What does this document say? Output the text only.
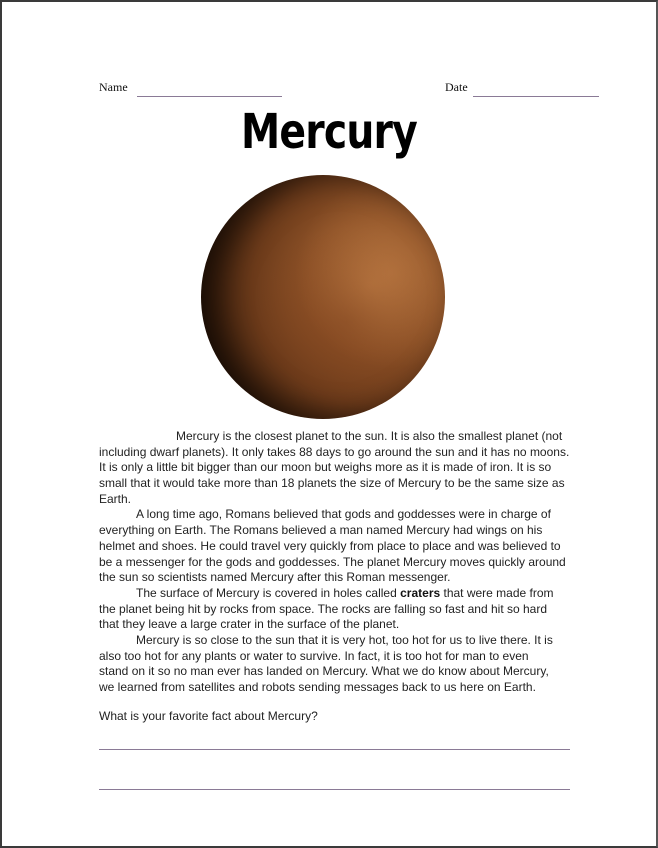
Name	Date
Mercury
Mercury is the closest planet to the sun. It is also the smallest planet (not
including dwarf planets). It only takes 88 days to go around the sun and it has no moons.
It is only a little bit bigger than our moon but weighs more as it is made of iron. It is so
small that it would take more than 18 planets the size of Mercury to be the same size as
Earth.
A long time ago, Romans believed that gods and goddesses were in charge of
everything on Earth. The Romans believed a man named Mercury had wings on his
helmet and shoes. He could travel very quickly from place to place and was believed to
be a messenger for the gods and goddesses. The planet Mercury moves quickly around
the sun so scientists named Mercury after this Roman messenger.
The surface of Mercury is covered in holes called craters that were made from
the planet being hit by rocks from space. The rocks are falling so fast and hit so hard
that they leave a large crater in the surface of the planet.
Mercury is so close to the sun that it is very hot, too hot for us to live there. It is
also too hot for any plants or water to survive. In fact, it is too hot for man to even
stand on it so no man ever has landed on Mercury. What we do know about Mercury,
we learned from satellites and robots sending messages back to us here on Earth.
What is your favorite fact about Mercury?
